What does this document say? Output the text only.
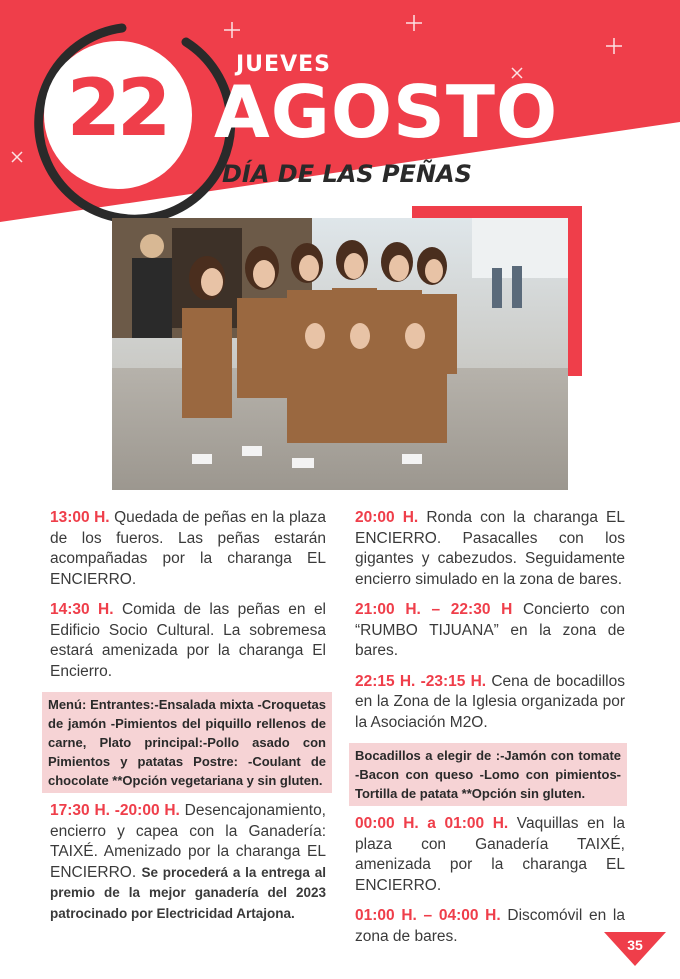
22	JUEVES
AGOSTO
DÍA DE LAS PEÑAS
13:00 H. Quedada de peñas en la plaza de los fueros. Las peñas estarán acompañadas por la charanga EL ENCIERRO.
14:30 H. Comida de las peñas en el Edificio Socio Cultural. La sobremesa estará amenizada por la charanga El Encierro.
Menú: Entrantes:-Ensalada mixta -Croquetas de jamón -Pimientos del piquillo rellenos de carne, Plato principal:-Pollo asado con Pimientos y patatas Postre: -Coulant de chocolate **Opción vegetariana y sin gluten.
17:30 H. -20:00 H. Desencajonamiento, encierro y capea con la Ganadería: TAIXÉ. Amenizado por la charanga EL ENCIERRO. Se procederá a la entrega al premio de la mejor ganadería del 2023 patrocinado por Electricidad Artajona.
20:00 H. Ronda con la charanga EL ENCIERRO. Pasacalles con los gigantes y cabezudos. Seguidamente encierro simulado en la zona de bares.
21:00 H. – 22:30 H Concierto con “RUMBO TIJUANA” en la zona de bares.
22:15 H. -23:15 H. Cena de bocadillos en la Zona de la Iglesia organizada por la Asociación M2O.
Bocadillos a elegir de :-Jamón con tomate -Bacon con queso -Lomo con pimientos-Tortilla de patata **Opción sin gluten.
00:00 H. a 01:00 H. Vaquillas en la plaza con Ganadería TAIXÉ, amenizada por la charanga EL ENCIERRO.
01:00 H. – 04:00 H. Discomóvil en la zona de bares.
35
